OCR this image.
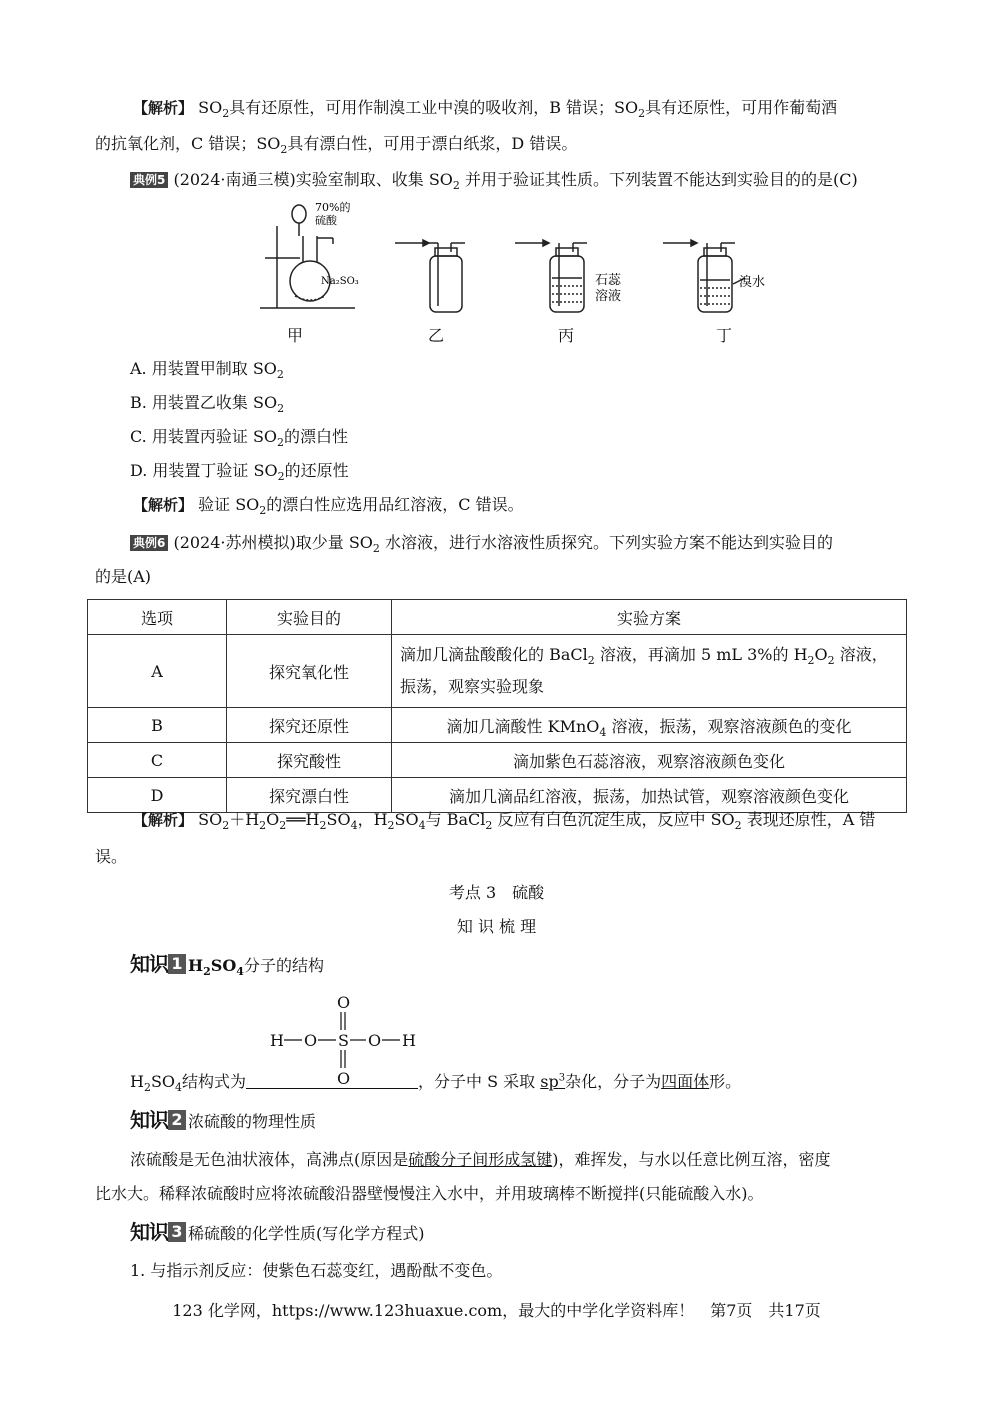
【解析】 $SO_2$具有还原性，可用作制溴工业中溴的吸收剂，B 错误；$SO_2$具有还原性，可用作葡萄酒
的抗氧化剂，C 错误；$SO_2$具有漂白性，可用于漂白纸浆，D 错误。
典例5 (2024·南通三模)实验室制取、收集 $SO_2$ 并用于验证其性质。下列装置不能达到实验目的的是(C)
70%的
硫酸
Na₂SO₃	石蕊
溶液
溴水
甲	乙	丙	丁
A. 用装置甲制取 $SO_2$
B. 用装置乙收集 $SO_2$
C. 用装置丙验证 $SO_2$的漂白性
D. 用装置丁验证 $SO_2$的还原性
【解析】 验证 $SO_2$的漂白性应选用品红溶液，C 错误。
典例6 (2024·苏州模拟)取少量 $SO_2$ 水溶液，进行水溶液性质探究。下列实验方案不能达到实验目的
的是(A)
选项	实验目的	实验方案
A	探究氧化性	滴加几滴盐酸酸化的 BaCl$_2$ 溶液，再滴加 5 mL 3%的 $H_2O_2$ 溶液，
振荡，观察实验现象
B	探究还原性	滴加几滴酸性 KMnO$_4$ 溶液，振荡，观察溶液颜色的变化
C	探究酸性	滴加紫色石蕊溶液，观察溶液颜色变化
D	探究漂白性	滴加几滴品红溶液，振荡，加热试管，观察溶液颜色变化
【解析】 $SO_2+H_2O_2══H_2SO_4$，$H_2SO_4$与 BaCl$_2$ 反应有白色沉淀生成，反应中 $SO_2$ 表现还原性，A 错
误。
考点 3　硫酸
知 识 梳 理
知识 1 $H_2SO_4$分子的结构
O
H O S O H
O
$H_2SO_4$结构式为	，分子中 S 采取 $sp^3$杂化，分子为四面体形。
知识 2 浓硫酸的物理性质
浓硫酸是无色油状液体，高沸点(原因是硫酸分子间形成氢键)，难挥发，与水以任意比例互溶，密度
比水大。稀释浓硫酸时应将浓硫酸沿器壁慢慢注入水中，并用玻璃棒不断搅拌(只能硫酸入水)。
知识 3 稀硫酸的化学性质(写化学方程式)
1. 与指示剂反应：使紫色石蕊变红，遇酚酞不变色。
123 化学网，https://www.123huaxue.com，最大的中学化学资料库！　第7页　共17页
